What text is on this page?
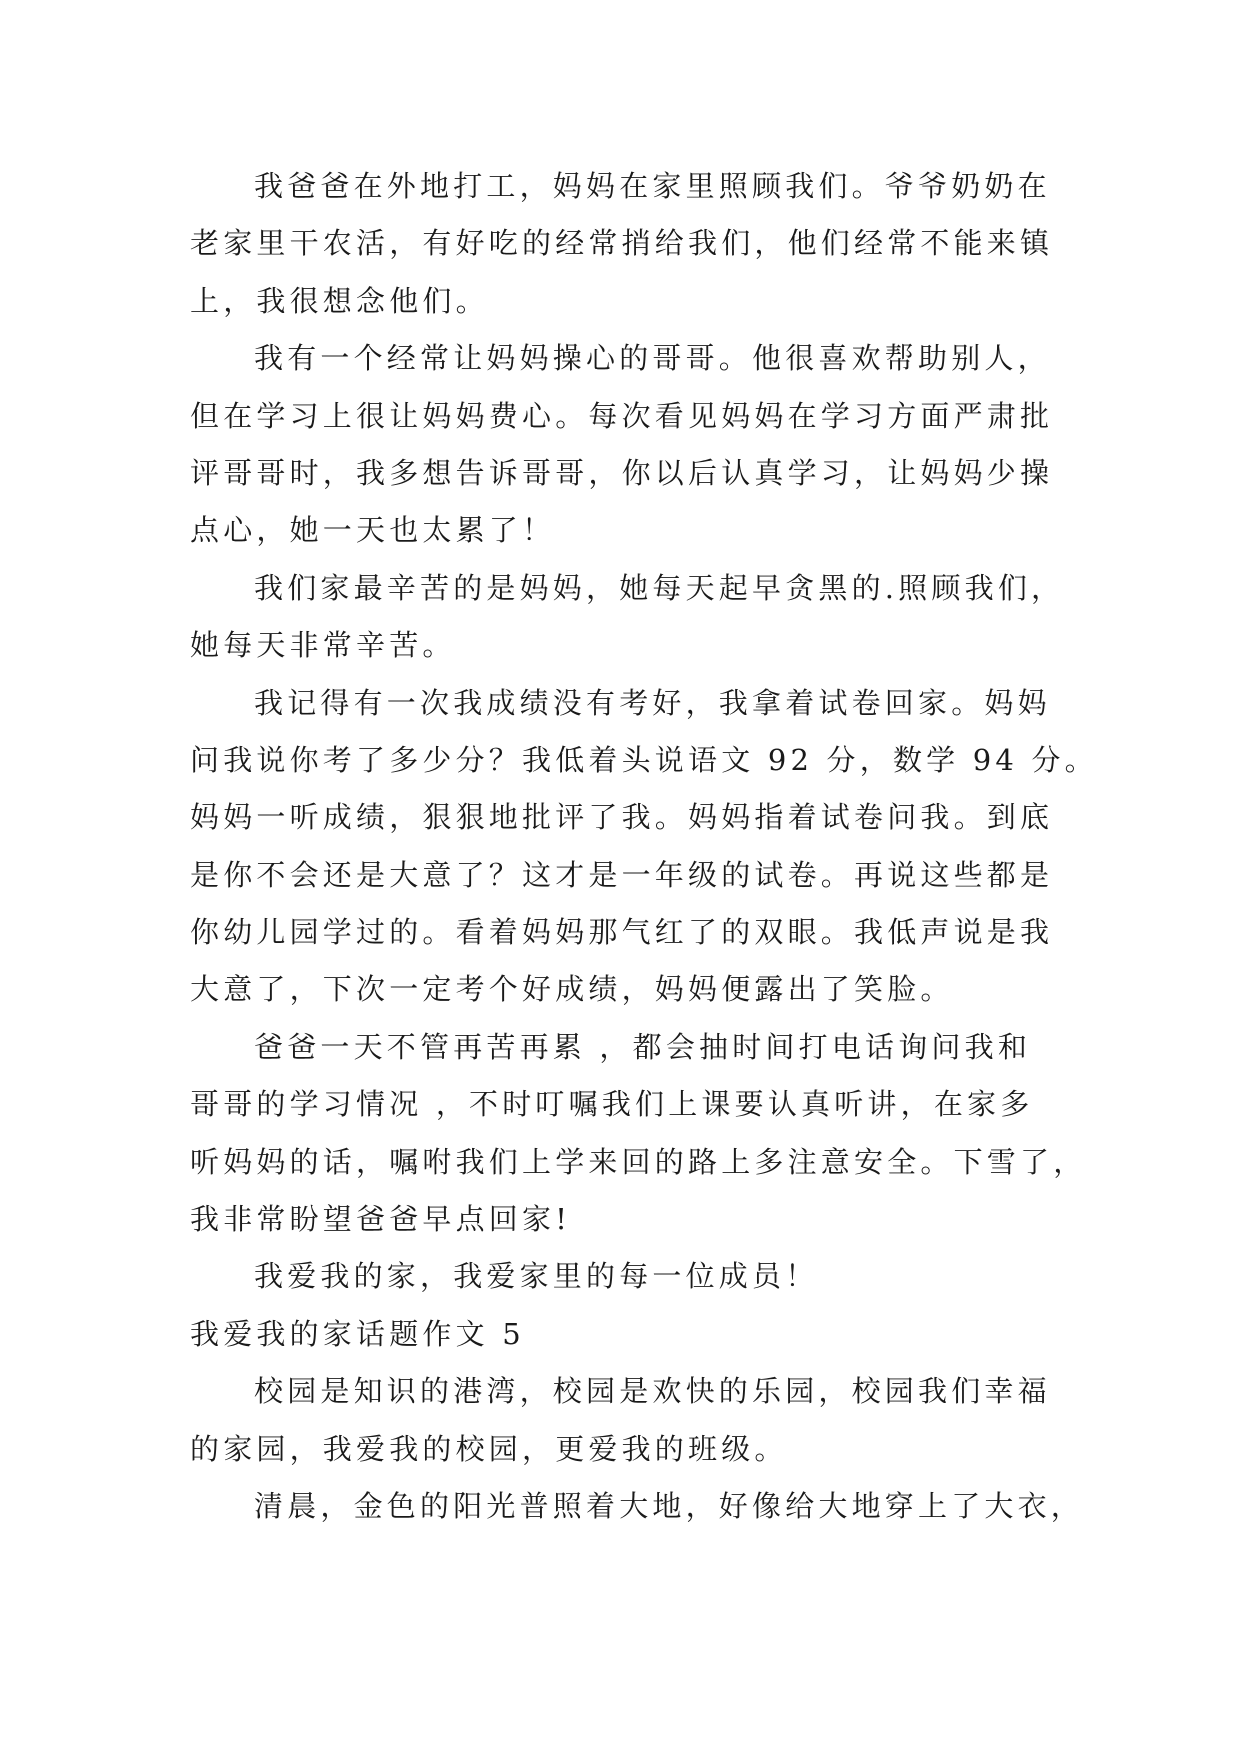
我爸爸在外地打工，妈妈在家里照顾我们。爷爷奶奶在
老家里干农活，有好吃的经常捎给我们，他们经常不能来镇
上，我很想念他们。
我有一个经常让妈妈操心的哥哥。他很喜欢帮助别人，
但在学习上很让妈妈费心。每次看见妈妈在学习方面严肃批
评哥哥时，我多想告诉哥哥，你以后认真学习，让妈妈少操
点心，她一天也太累了！
我们家最辛苦的是妈妈，她每天起早贪黑的.照顾我们，
她每天非常辛苦。
我记得有一次我成绩没有考好，我拿着试卷回家。妈妈
问我说你考了多少分？我低着头说语文 92 分，数学 94 分。
妈妈一听成绩，狠狠地批评了我。妈妈指着试卷问我。到底
是你不会还是大意了？这才是一年级的试卷。再说这些都是
你幼儿园学过的。看着妈妈那气红了的双眼。我低声说是我
大意了，下次一定考个好成绩，妈妈便露出了笑脸。
爸爸一天不管再苦再累 ，都会抽时间打电话询问我和
哥哥的学习情况 ，不时叮嘱我们上课要认真听讲，在家多
听妈妈的话，嘱咐我们上学来回的路上多注意安全。下雪了，
我非常盼望爸爸早点回家!
我爱我的家，我爱家里的每一位成员！
我爱我的家话题作文 5
校园是知识的港湾，校园是欢快的乐园，校园我们幸福
的家园，我爱我的校园，更爱我的班级。
清晨，金色的阳光普照着大地，好像给大地穿上了大衣，
